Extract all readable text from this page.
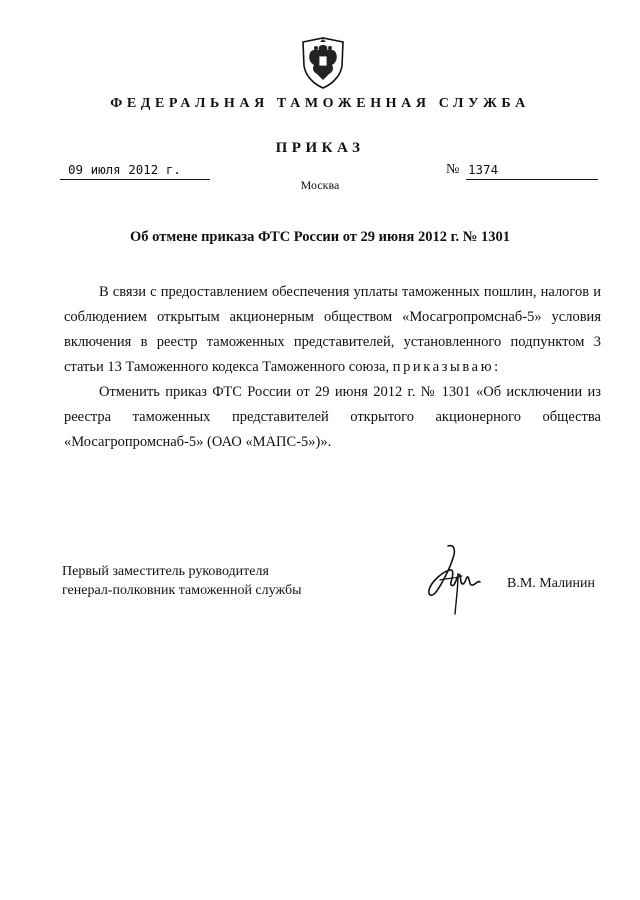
ФЕДЕРАЛЬНАЯ ТАМОЖЕННАЯ СЛУЖБА
ПРИКАЗ
09 июля 2012 г.	№ 1374
Москва
Об отмене приказа ФТС России от 29 июня 2012 г. № 1301

В связи с предоставлением обеспечения уплаты таможенных пошлин, налогов и соблюдением открытым акционерным обществом «Мосагропромснаб-5» условия включения в реестр таможенных представителей, установленного подпунктом 3 статьи 13 Таможенного кодекса Таможенного союза, приказываю:

Отменить приказ ФТС России от 29 июня 2012 г. № 1301 «Об исключении из реестра таможенных представителей открытого акционерного общества «Мосагропромснаб-5» (ОАО «МАПС-5»)».

Первый заместитель руководителя
генерал-полковник таможенной службы	В.М. Малинин
